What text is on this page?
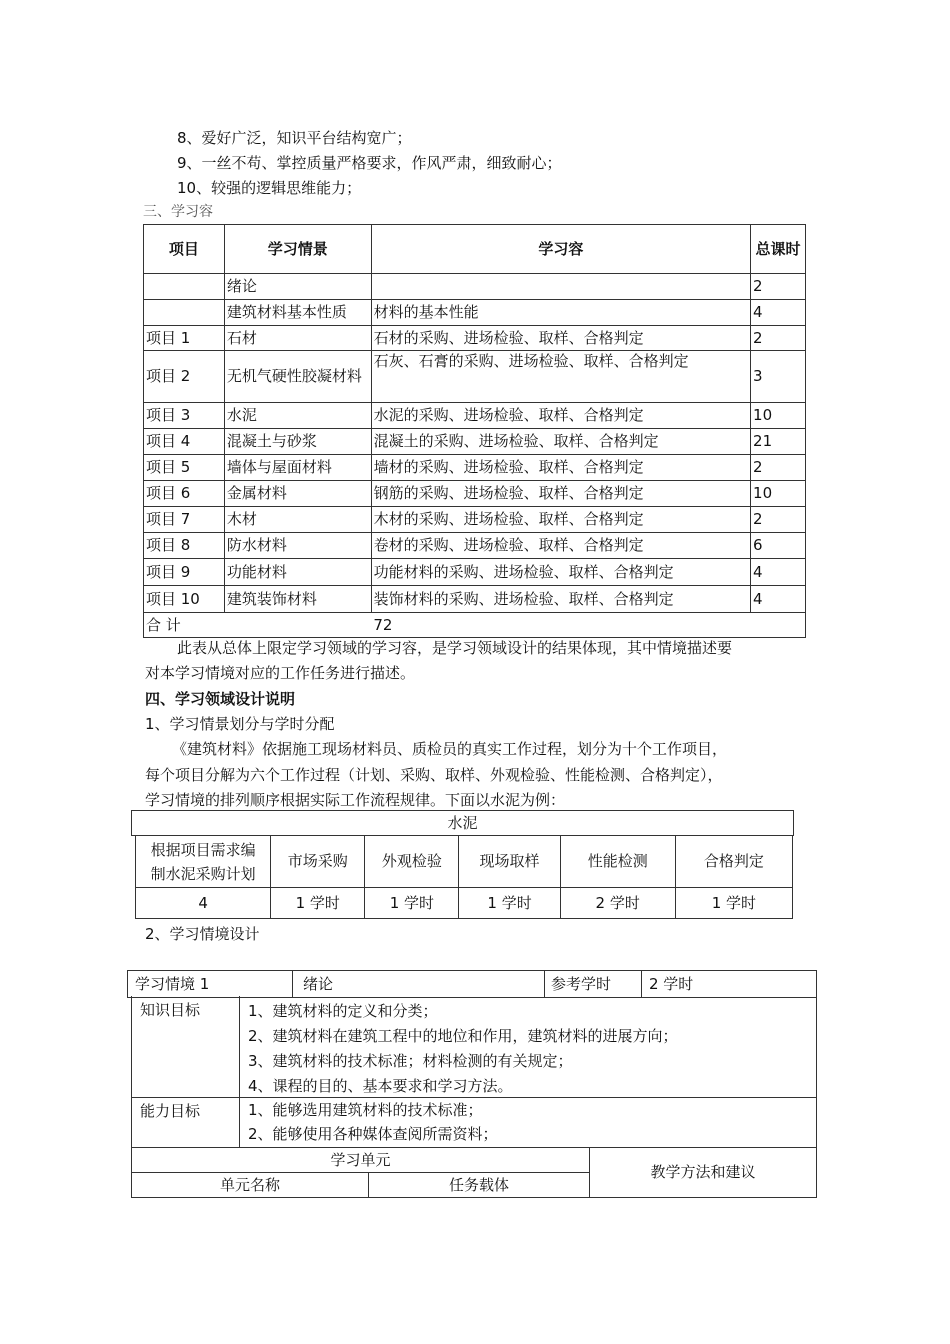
8、爱好广泛，知识平台结构宽广；
9、一丝不苟、掌控质量严格要求，作风严肃，细致耐心；
10、较强的逻辑思维能力；
三、学习容
项目	学习情景	学习容	总课时
	绪论		2
	建筑材料基本性质	材料的基本性能	4
项目 1	石材	石材的采购、进场检验、取样、合格判定	2
项目 2	无机气硬性胶凝材料	石灰、石膏的采购、进场检验、取样、合格判定	3
项目 3	水泥	水泥的采购、进场检验、取样、合格判定	10
项目 4	混凝土与砂浆	混凝土的采购、进场检验、取样、合格判定	21
项目 5	墙体与屋面材料	墙材的采购、进场检验、取样、合格判定	2
项目 6	金属材料	钢筋的采购、进场检验、取样、合格判定	10
项目 7	木材	木材的采购、进场检验、取样、合格判定	2
项目 8	防水材料	卷材的采购、进场检验、取样、合格判定	6
项目 9	功能材料	功能材料的采购、进场检验、取样、合格判定	4
项目 10	建筑装饰材料	装饰材料的采购、进场检验、取样、合格判定	4
合 计	72		
此表从总体上限定学习领域的学习容，是学习领域设计的结果体现，其中情境描述要
对本学习情境对应的工作任务进行描述。
四、学习领域设计说明
1、学习情景划分与学时分配
《建筑材料》依据施工现场材料员、质检员的真实工作过程，划分为十个工作项目，
每个项目分解为六个工作过程（计划、采购、取样、外观检验、性能检测、合格判定），
学习情境的排列顺序根据实际工作流程规律。下面以水泥为例：
水泥
根据项目需求编
制水泥采购计划	市场采购	外观检验	现场取样	性能检测	合格判定
4	1 学时	1 学时	1 学时	2 学时	1 学时
2、学习情境设计
学习情境 1	绪论	参考学时	2 学时
知识目标	1、建筑材料的定义和分类；
2、建筑材料在建筑工程中的地位和作用，建筑材料的进展方向；
3、建筑材料的技术标准；材料检测的有关规定；
4、课程的目的、基本要求和学习方法。
能力目标	1、能够选用建筑材料的技术标准；
2、能够使用各种媒体查阅所需资料；
学习单元
单元名称	任务载体
教学方法和建议
